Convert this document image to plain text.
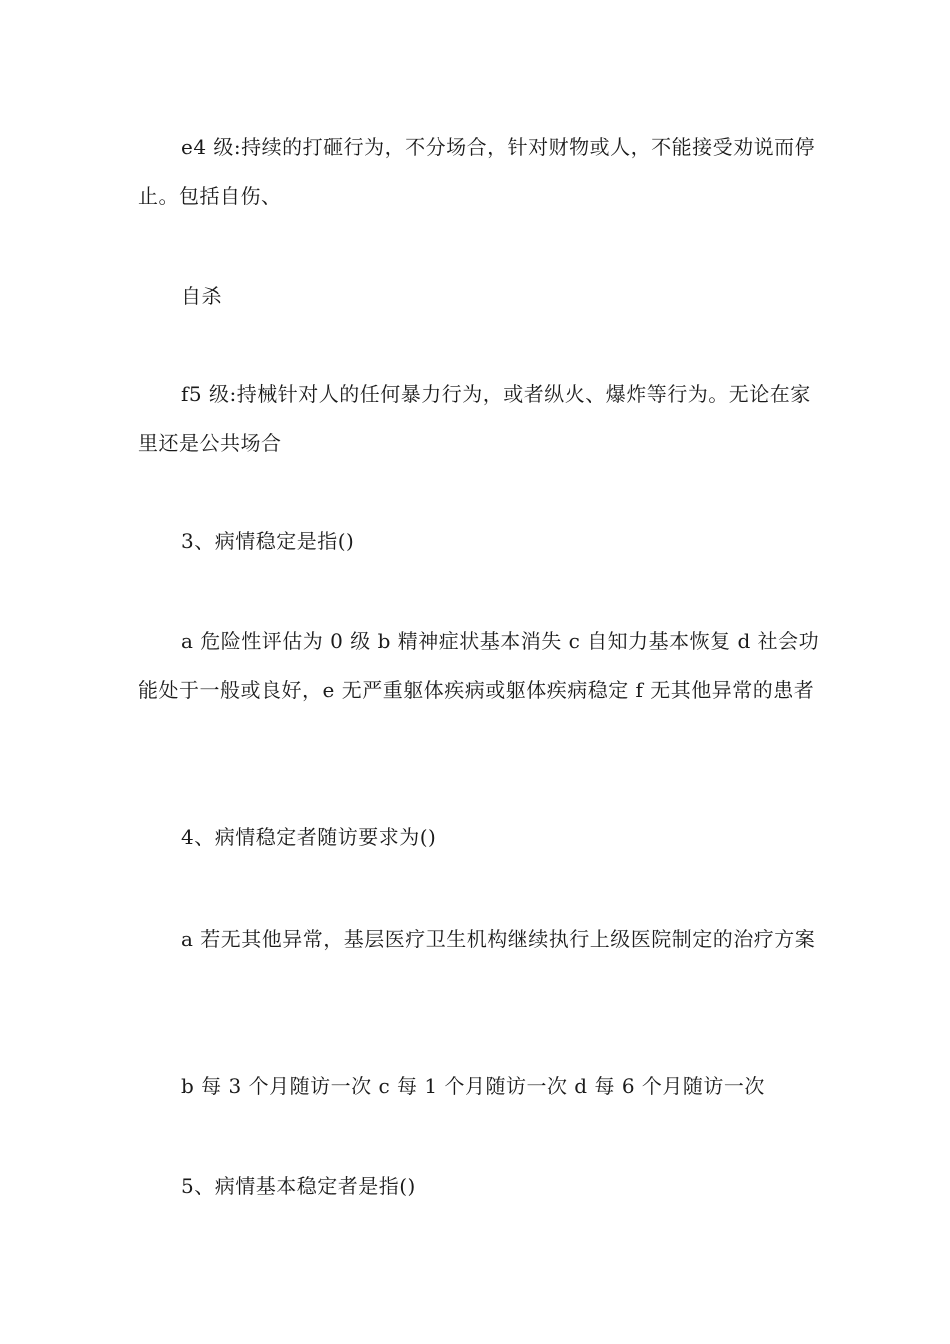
e4 级:持续的打砸行为，不分场合，针对财物或人，不能接受劝说而停止。包括自伤、

自杀

f5 级:持械针对人的任何暴力行为，或者纵火、爆炸等行为。无论在家里还是公共场合

3、病情稳定是指()

a 危险性评估为 0 级 b 精神症状基本消失 c 自知力基本恢复 d 社会功能处于一般或良好，e 无严重躯体疾病或躯体疾病稳定 f 无其他异常的患者

4、病情稳定者随访要求为()

a 若无其他异常，基层医疗卫生机构继续执行上级医院制定的治疗方案

b 每 3 个月随访一次 c 每 1 个月随访一次 d 每 6 个月随访一次

5、病情基本稳定者是指()
